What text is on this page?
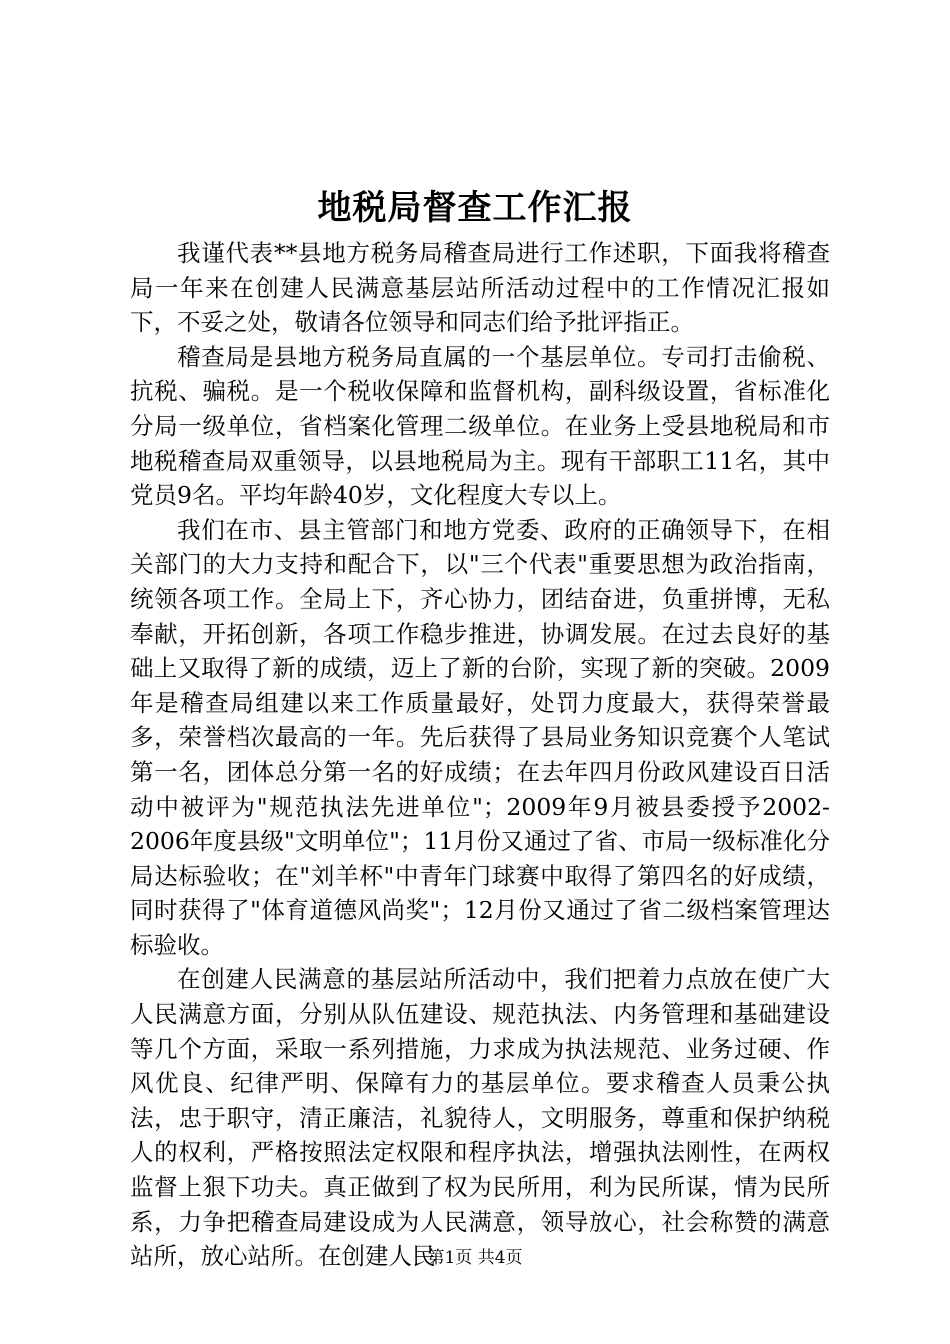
地税局督查工作汇报

我谨代表**县地方税务局稽查局进行工作述职，下面我将稽查局一年来在创建人民满意基层站所活动过程中的工作情况汇报如下，不妥之处，敬请各位领导和同志们给予批评指正。

稽查局是县地方税务局直属的一个基层单位。专司打击偷税、抗税、骗税。是一个税收保障和监督机构，副科级设置，省标准化分局一级单位，省档案化管理二级单位。在业务上受县地税局和市地税稽查局双重领导，以县地税局为主。现有干部职工11名，其中党员9名。平均年龄40岁，文化程度大专以上。

我们在市、县主管部门和地方党委、政府的正确领导下，在相关部门的大力支持和配合下，以"三个代表"重要思想为政治指南，统领各项工作。全局上下，齐心协力，团结奋进，负重拼博，无私奉献，开拓创新，各项工作稳步推进，协调发展。在过去良好的基础上又取得了新的成绩，迈上了新的台阶，实现了新的突破。2009年是稽查局组建以来工作质量最好，处罚力度最大，获得荣誉最多，荣誉档次最高的一年。先后获得了县局业务知识竞赛个人笔试第一名，团体总分第一名的好成绩；在去年四月份政风建设百日活动中被评为"规范执法先进单位"；2009年9月被县委授予2002-2006年度县级"文明单位"；11月份又通过了省、市局一级标准化分局达标验收；在"刘羊杯"中青年门球赛中取得了第四名的好成绩，同时获得了"体育道德风尚奖"；12月份又通过了省二级档案管理达标验收。

在创建人民满意的基层站所活动中，我们把着力点放在使广大人民满意方面，分别从队伍建设、规范执法、内务管理和基础建设等几个方面，采取一系列措施，力求成为执法规范、业务过硬、作风优良、纪律严明、保障有力的基层单位。要求稽查人员秉公执法，忠于职守，清正廉洁，礼貌待人，文明服务，尊重和保护纳税人的权利，严格按照法定权限和程序执法，增强执法刚性，在两权监督上狠下功夫。真正做到了权为民所用，利为民所谋，情为民所系，力争把稽查局建设成为人民满意，领导放心，社会称赞的满意站所，放心站所。在创建人民

第1页 共4页
